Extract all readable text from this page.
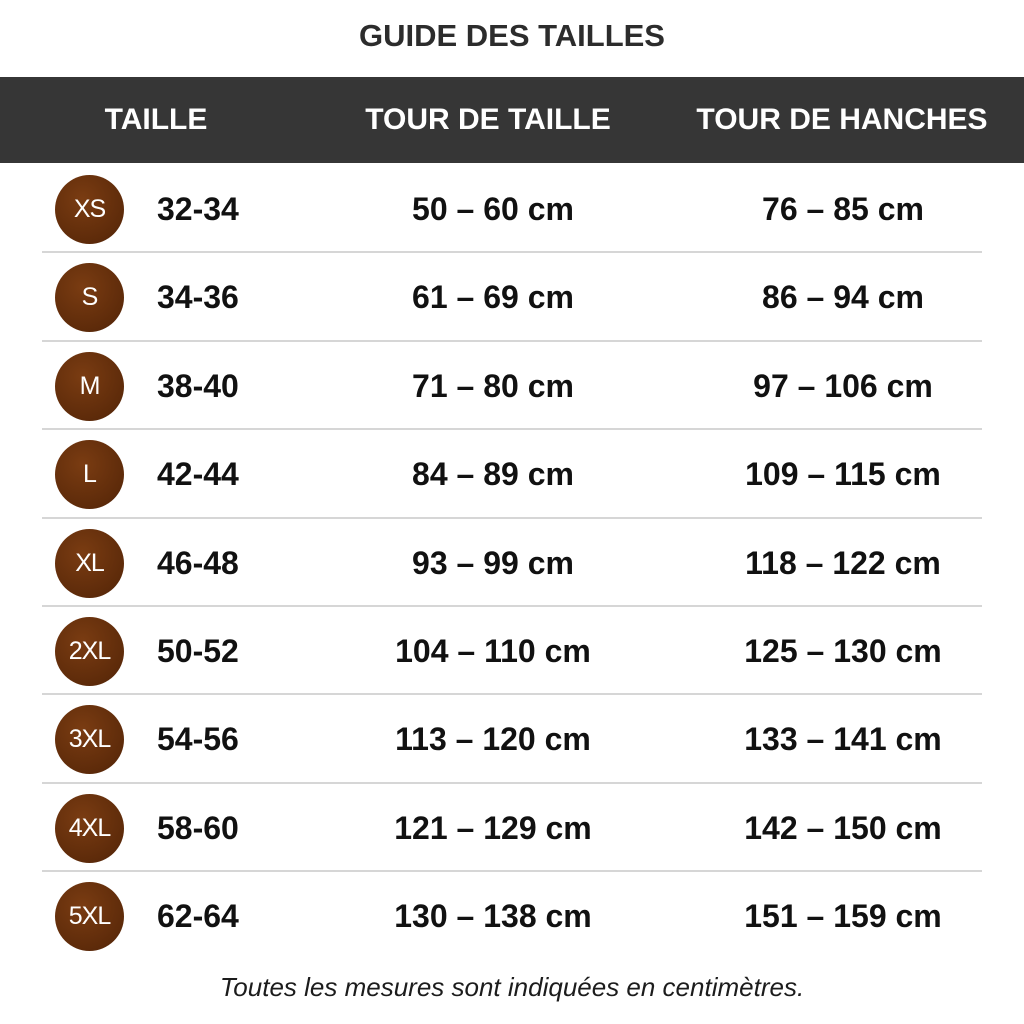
GUIDE DES TAILLES
TAILLE	TOUR DE TAILLE	TOUR DE HANCHES
XS	32-34	50 – 60 cm	76 – 85 cm
S	34-36	61 – 69 cm	86 – 94 cm
M	38-40	71 – 80 cm	97 – 106 cm
L	42-44	84 – 89 cm	109 – 115 cm
XL	46-48	93 – 99 cm	118 – 122 cm
2XL	50-52	104 – 110 cm	125 – 130 cm
3XL	54-56	113 – 120 cm	133 – 141 cm
4XL	58-60	121 – 129 cm	142 – 150 cm
5XL	62-64	130 – 138 cm	151 – 159 cm
Toutes les mesures sont indiquées en centimètres.
